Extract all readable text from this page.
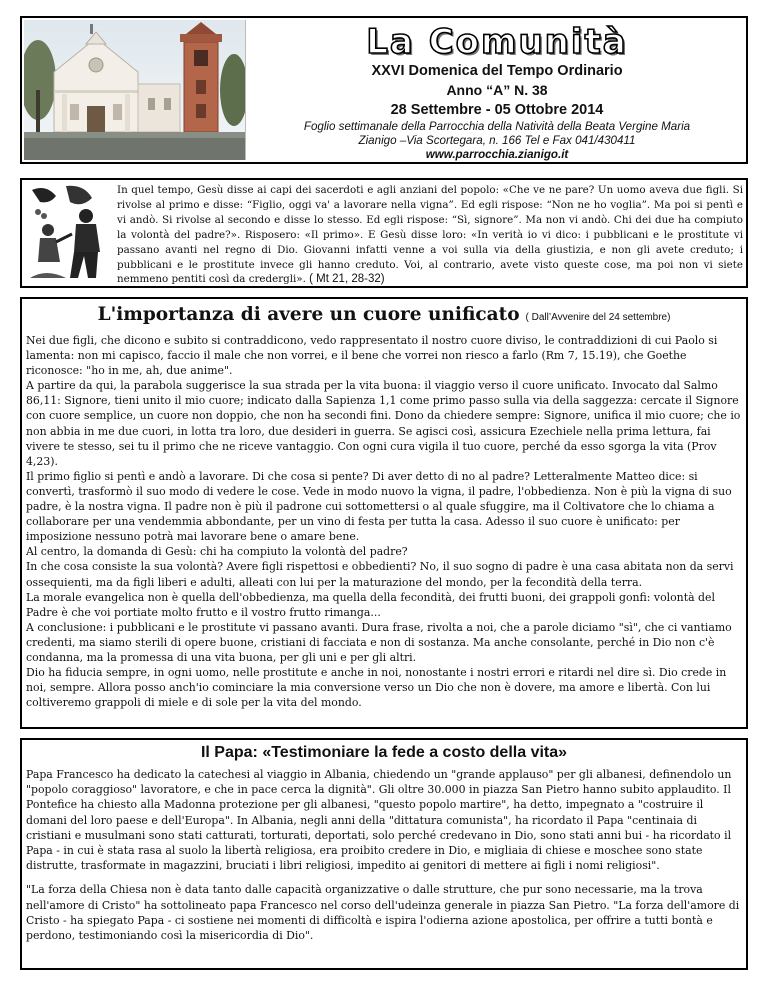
La Comunità
XXVI Domenica del Tempo Ordinario
Anno “A” N. 38
28 Settembre - 05 Ottobre 2014
Foglio settimanale della Parrocchia della Natività della Beata Vergine Maria
Zianigo –Via Scortegara, n. 166 Tel e Fax 041/430411
www.parrocchia.zianigo.it
In quel tempo, Gesù disse ai capi dei sacerdoti e agli anziani del popolo: «Che ve ne pare? Un uomo aveva due figli. Si rivolse al primo e disse: “Figlio, oggi va' a lavorare nella vigna”. Ed egli rispose: “Non ne ho voglia”. Ma poi si pentì e vi andò. Si rivolse al secondo e disse lo stesso. Ed egli rispose: “Sì, signore”. Ma non vi andò. Chi dei due ha compiuto la volontà del padre?». Risposero: «Il primo». E Gesù disse loro: «In verità io vi dico: i pubblicani e le prostitute vi passano avanti nel regno di Dio. Giovanni infatti venne a voi sulla via della giustizia, e non gli avete creduto; i pubblicani e le prostitute invece gli hanno creduto. Voi, al contrario, avete visto queste cose, ma poi non vi siete nemmeno pentiti così da credergli». ( Mt 21, 28-32)
L'importanza di avere un cuore unificato ( Dall’Avvenire del 24 settembre)

Nei due figli, che dicono e subito si contraddicono, vedo rappresentato il nostro cuore diviso, le contraddizioni di cui Paolo si lamenta: non mi capisco, faccio il male che non vorrei, e il bene che vorrei non riesco a farlo (Rm 7, 15.19), che Goethe riconosce: "ho in me, ah, due anime".

A partire da qui, la parabola suggerisce la sua strada per la vita buona: il viaggio verso il cuore unificato. Invocato dal Salmo 86,11: Signore, tieni unito il mio cuore; indicato dalla Sapienza 1,1 come primo passo sulla via della saggezza: cercate il Signore con cuore semplice, un cuore non doppio, che non ha secondi fini. Dono da chiedere sempre: Signore, unifica il mio cuore; che io non abbia in me due cuori, in lotta tra loro, due desideri in guerra. Se agisci così, assicura Ezechiele nella prima lettura, fai vivere te stesso, sei tu il primo che ne riceve vantaggio. Con ogni cura vigila il tuo cuore, perché da esso sgorga la vita (Prov 4,23).

Il primo figlio si pentì e andò a lavorare. Di che cosa si pente? Di aver detto di no al padre? Letteralmente Matteo dice: si convertì, trasformò il suo modo di vedere le cose. Vede in modo nuovo la vigna, il padre, l'obbedienza. Non è più la vigna di suo padre, è la nostra vigna. Il padre non è più il padrone cui sottomettersi o al quale sfuggire, ma il Coltivatore che lo chiama a collaborare per una vendemmia abbondante, per un vino di festa per tutta la casa. Adesso il suo cuore è unificato: per imposizione nessuno potrà mai lavorare bene o amare bene.

Al centro, la domanda di Gesù: chi ha compiuto la volontà del padre?

In che cosa consiste la sua volontà? Avere figli rispettosi e obbedienti? No, il suo sogno di padre è una casa abitata non da servi ossequienti, ma da figli liberi e adulti, alleati con lui per la maturazione del mondo, per la fecondità della terra.

La morale evangelica non è quella dell'obbedienza, ma quella della fecondità, dei frutti buoni, dei grappoli gonfi: volontà del Padre è che voi portiate molto frutto e il vostro frutto rimanga...

A conclusione: i pubblicani e le prostitute vi passano avanti. Dura frase, rivolta a noi, che a parole diciamo "sì", che ci vantiamo credenti, ma siamo sterili di opere buone, cristiani di facciata e non di sostanza. Ma anche consolante, perché in Dio non c'è condanna, ma la promessa di una vita buona, per gli uni e per gli altri.

Dio ha fiducia sempre, in ogni uomo, nelle prostitute e anche in noi, nonostante i nostri errori e ritardi nel dire sì. Dio crede in noi, sempre. Allora posso anch'io cominciare la mia conversione verso un Dio che non è dovere, ma amore e libertà. Con lui coltiveremo grappoli di miele e di sole per la vita del mondo.

Il Papa: «Testimoniare la fede a costo della vita»

Papa Francesco ha dedicato la catechesi al viaggio in Albania, chiedendo un "grande applauso" per gli albanesi, definendolo un "popolo coraggioso" lavoratore, e che in pace cerca la dignità". Gli oltre 30.000 in piazza San Pietro hanno subito applaudito. Il Pontefice ha chiesto alla Madonna protezione per gli albanesi, "questo popolo martire", ha detto, impegnato a "costruire il domani del loro paese e dell'Europa". In Albania, negli anni della "dittatura comunista", ha ricordato il Papa "centinaia di cristiani e musulmani sono stati catturati, torturati, deportati, solo perché credevano in Dio, sono stati anni bui - ha ricordato il Papa - in cui è stata rasa al suolo la libertà religiosa, era proibito credere in Dio, e migliaia di chiese e moschee sono state distrutte, trasformate in magazzini, bruciati i libri religiosi, impedito ai genitori di mettere ai figli i nomi religiosi".

"La forza della Chiesa non è data tanto dalle capacità organizzative o dalle strutture, che pur sono necessarie, ma la trova nell'amore di Cristo" ha sottolineato papa Francesco nel corso dell'udeinza generale in piazza San Pietro. "La forza dell'amore di Cristo - ha spiegato Papa - ci sostiene nei momenti di difficoltà e ispira l'odierna azione apostolica, per offrire a tutti bontà e perdono, testimoniando così la misericordia di Dio".
